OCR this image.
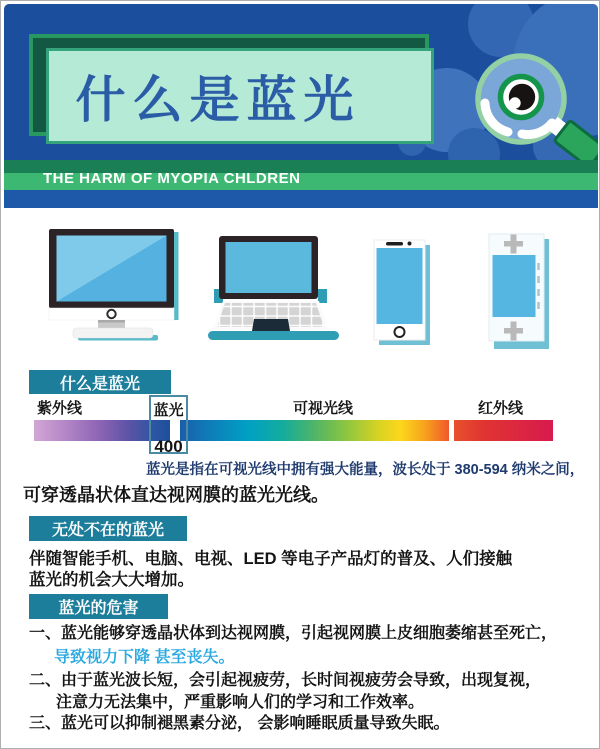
什么是蓝光
THE HARM OF MYOPIA CHLDREN
什么是蓝光
紫外线	蓝光	可视光线	红外线
400
蓝光是指在可视光线中拥有强大能量，波长处于 380-594 纳米之间，
可穿透晶状体直达视网膜的蓝光光线。
无处不在的蓝光
伴随智能手机、电脑、电视、LED 等电子产品灯的普及、人们接触
蓝光的机会大大增加。
蓝光的危害
一、蓝光能够穿透晶状体到达视网膜，引起视网膜上皮细胞萎缩甚至死亡，
导致视力下降 甚至丧失。
二、由于蓝光波长短，会引起视疲劳，长时间视疲劳会导致，出现复视，
注意力无法集中，严重影响人们的学习和工作效率。
三、蓝光可以抑制褪黑素分泌， 会影响睡眠质量导致失眠。
